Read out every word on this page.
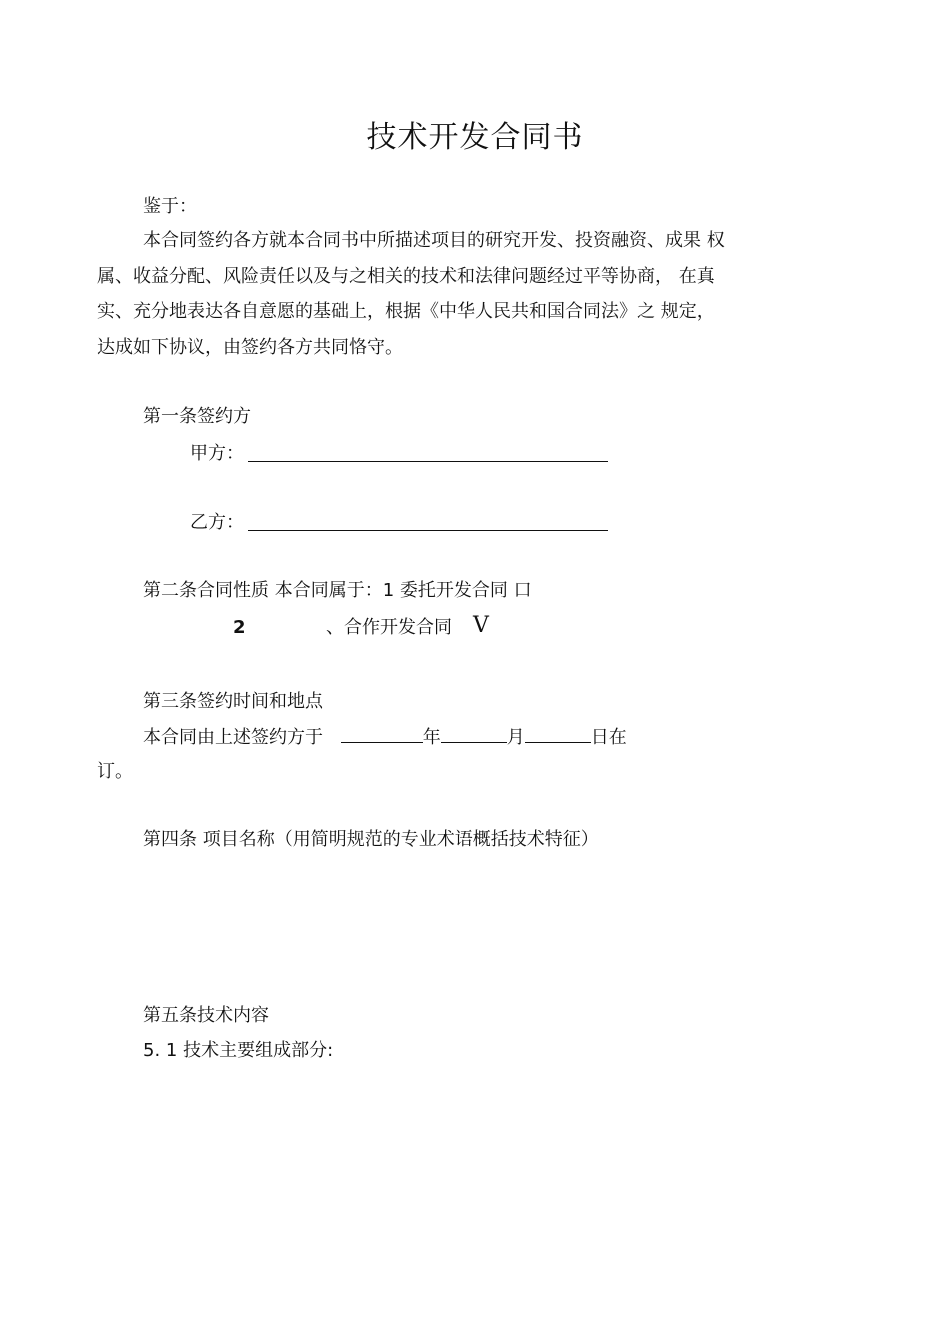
技术开发合同书
鉴于：
本合同签约各方就本合同书中所描述项目的研究开发、投资融资、成果 权
属、收益分配、风险责任以及与之相关的技术和法律问题经过平等协商， 在真
实、充分地表达各自意愿的基础上，根据《中华人民共和国合同法》之 规定，
达成如下协议，由签约各方共同恪守。
第一条签约方
甲方：
乙方：
第二条合同性质 本合同属于：1 委托开发合同 口
2	、合作开发合同 V
第三条签约时间和地点
本合同由上述签约方于	年	月	日在
订。
第四条 项目名称（用简明规范的专业术语概括技术特征）
第五条技术内容
5. 1 技术主要组成部分:
